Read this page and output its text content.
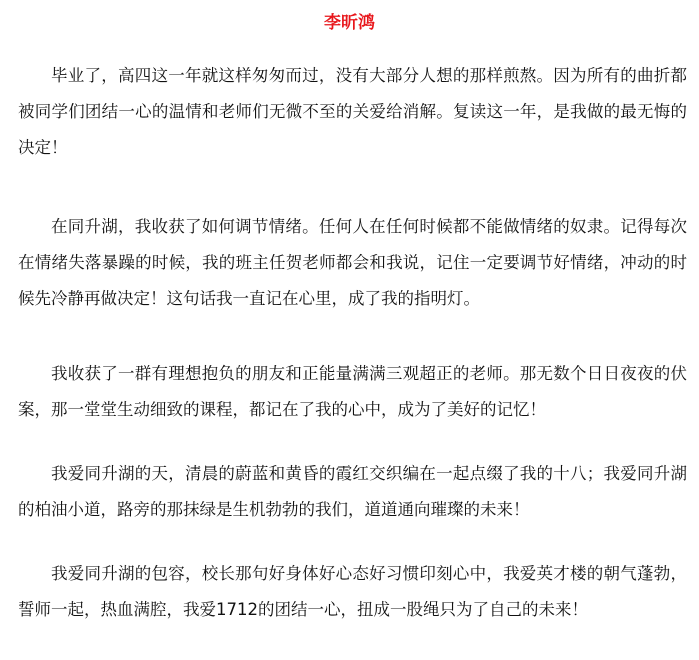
李昕鸿

毕业了，高四这一年就这样匆匆而过，没有大部分人想的那样煎熬。因为所有的曲折都被同学们团结一心的温情和老师们无微不至的关爱给消解。复读这一年，是我做的最无悔的决定！

在同升湖，我收获了如何调节情绪。任何人在任何时候都不能做情绪的奴隶。记得每次在情绪失落暴躁的时候，我的班主任贺老师都会和我说，记住一定要调节好情绪，冲动的时候先冷静再做决定！这句话我一直记在心里，成了我的指明灯。

我收获了一群有理想抱负的朋友和正能量满满三观超正的老师。那无数个日日夜夜的伏案，那一堂堂生动细致的课程，都记在了我的心中，成为了美好的记忆！

我爱同升湖的天，清晨的蔚蓝和黄昏的霞红交织编在一起点缀了我的十八；我爱同升湖的柏油小道，路旁的那抹绿是生机勃勃的我们，道道通向璀璨的未来！

我爱同升湖的包容，校长那句好身体好心态好习惯印刻心中，我爱英才楼的朝气蓬勃，誓师一起，热血满腔，我爱1712的团结一心，扭成一股绳只为了自己的未来！
